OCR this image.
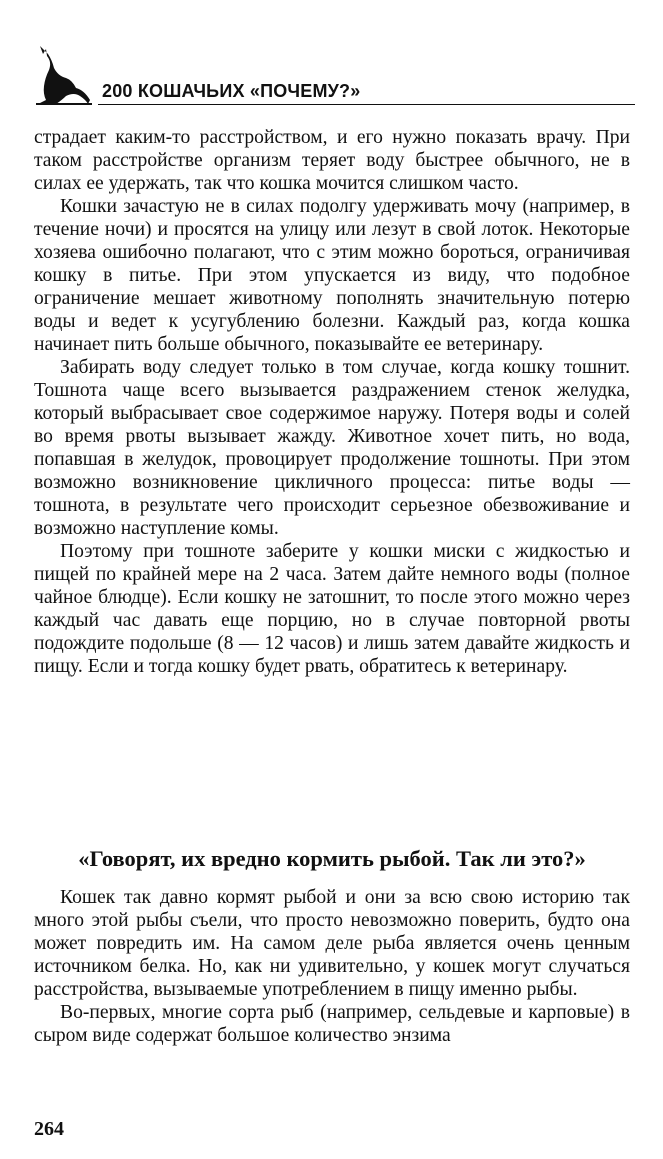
200 КОШАЧЬИХ «ПОЧЕМУ?»

страдает каким-то расстройством, и его нужно показать врачу. При таком расстройстве организм теряет воду быстрее обычного, не в силах ее удержать, так что кошка мочится слишком часто.

Кошки зачастую не в силах подолгу удерживать мочу (например, в течение ночи) и просятся на улицу или лезут в свой лоток. Некоторые хозяева ошибочно полагают, что с этим можно бороться, ограничивая кошку в питье. При этом упускается из виду, что подобное ограничение мешает животному пополнять значительную потерю воды и ведет к усугублению болезни. Каждый раз, когда кошка начинает пить больше обычного, показывайте ее ветеринару.

Забирать воду следует только в том случае, когда кошку тошнит. Тошнота чаще всего вызывается раздражением стенок желудка, который выбрасывает свое содержимое наружу. Потеря воды и солей во время рвоты вызывает жажду. Животное хочет пить, но вода, попавшая в желудок, провоцирует продолжение тошноты. При этом возможно возникновение цикличного процесса: питье воды — тошнота, в результате чего происходит серьезное обезвоживание и возможно наступление комы.

Поэтому при тошноте заберите у кошки миски с жидкостью и пищей по крайней мере на 2 часа. Затем дайте немного воды (полное чайное блюдце). Если кошку не затошнит, то после этого можно через каждый час давать еще порцию, но в случае повторной рвоты подождите подольше (8 — 12 часов) и лишь затем давайте жидкость и пищу. Если и тогда кошку будет рвать, обратитесь к ветеринару.

«Говорят, их вредно кормить рыбой. Так ли это?»

Кошек так давно кормят рыбой и они за всю свою историю так много этой рыбы съели, что просто невозможно поверить, будто она может повредить им. На самом деле рыба является очень ценным источником белка. Но, как ни удивительно, у кошек могут случаться расстройства, вызываемые употреблением в пищу именно рыбы.

Во-первых, многие сорта рыб (например, сельдевые и карповые) в сыром виде содержат большое количество энзима

264
